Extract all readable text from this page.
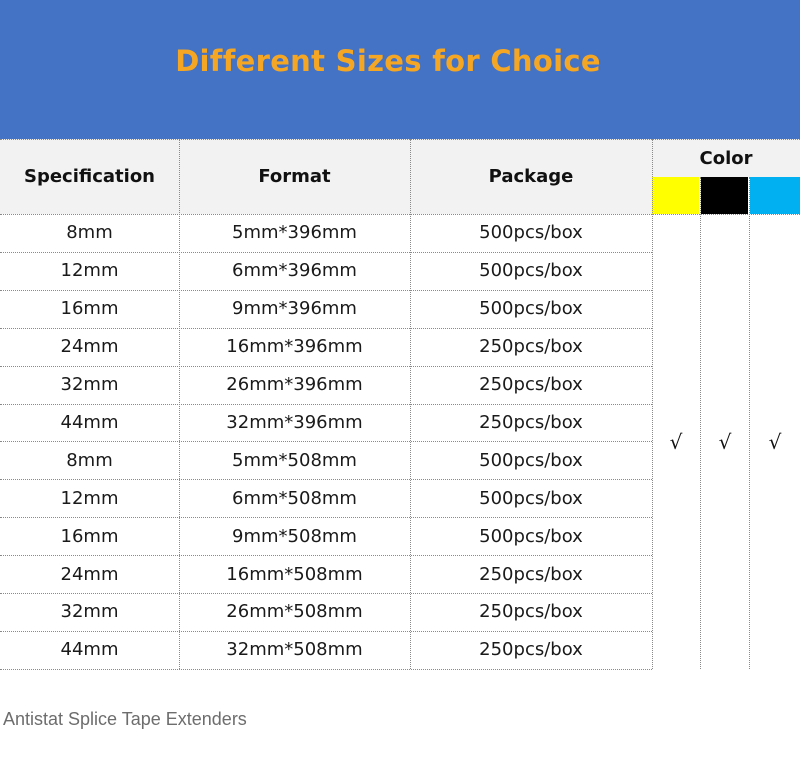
Different Sizes for Choice
Specification	Format	Package
Color
√	√	√
8mm	5mm*396mm	500pcs/box
12mm	6mm*396mm	500pcs/box
16mm	9mm*396mm	500pcs/box
24mm	16mm*396mm	250pcs/box
32mm	26mm*396mm	250pcs/box
44mm	32mm*396mm	250pcs/box
8mm	5mm*508mm	500pcs/box
12mm	6mm*508mm	500pcs/box
16mm	9mm*508mm	500pcs/box
24mm	16mm*508mm	250pcs/box
32mm	26mm*508mm	250pcs/box
44mm	32mm*508mm	250pcs/box
Antistat Splice Tape Extenders
